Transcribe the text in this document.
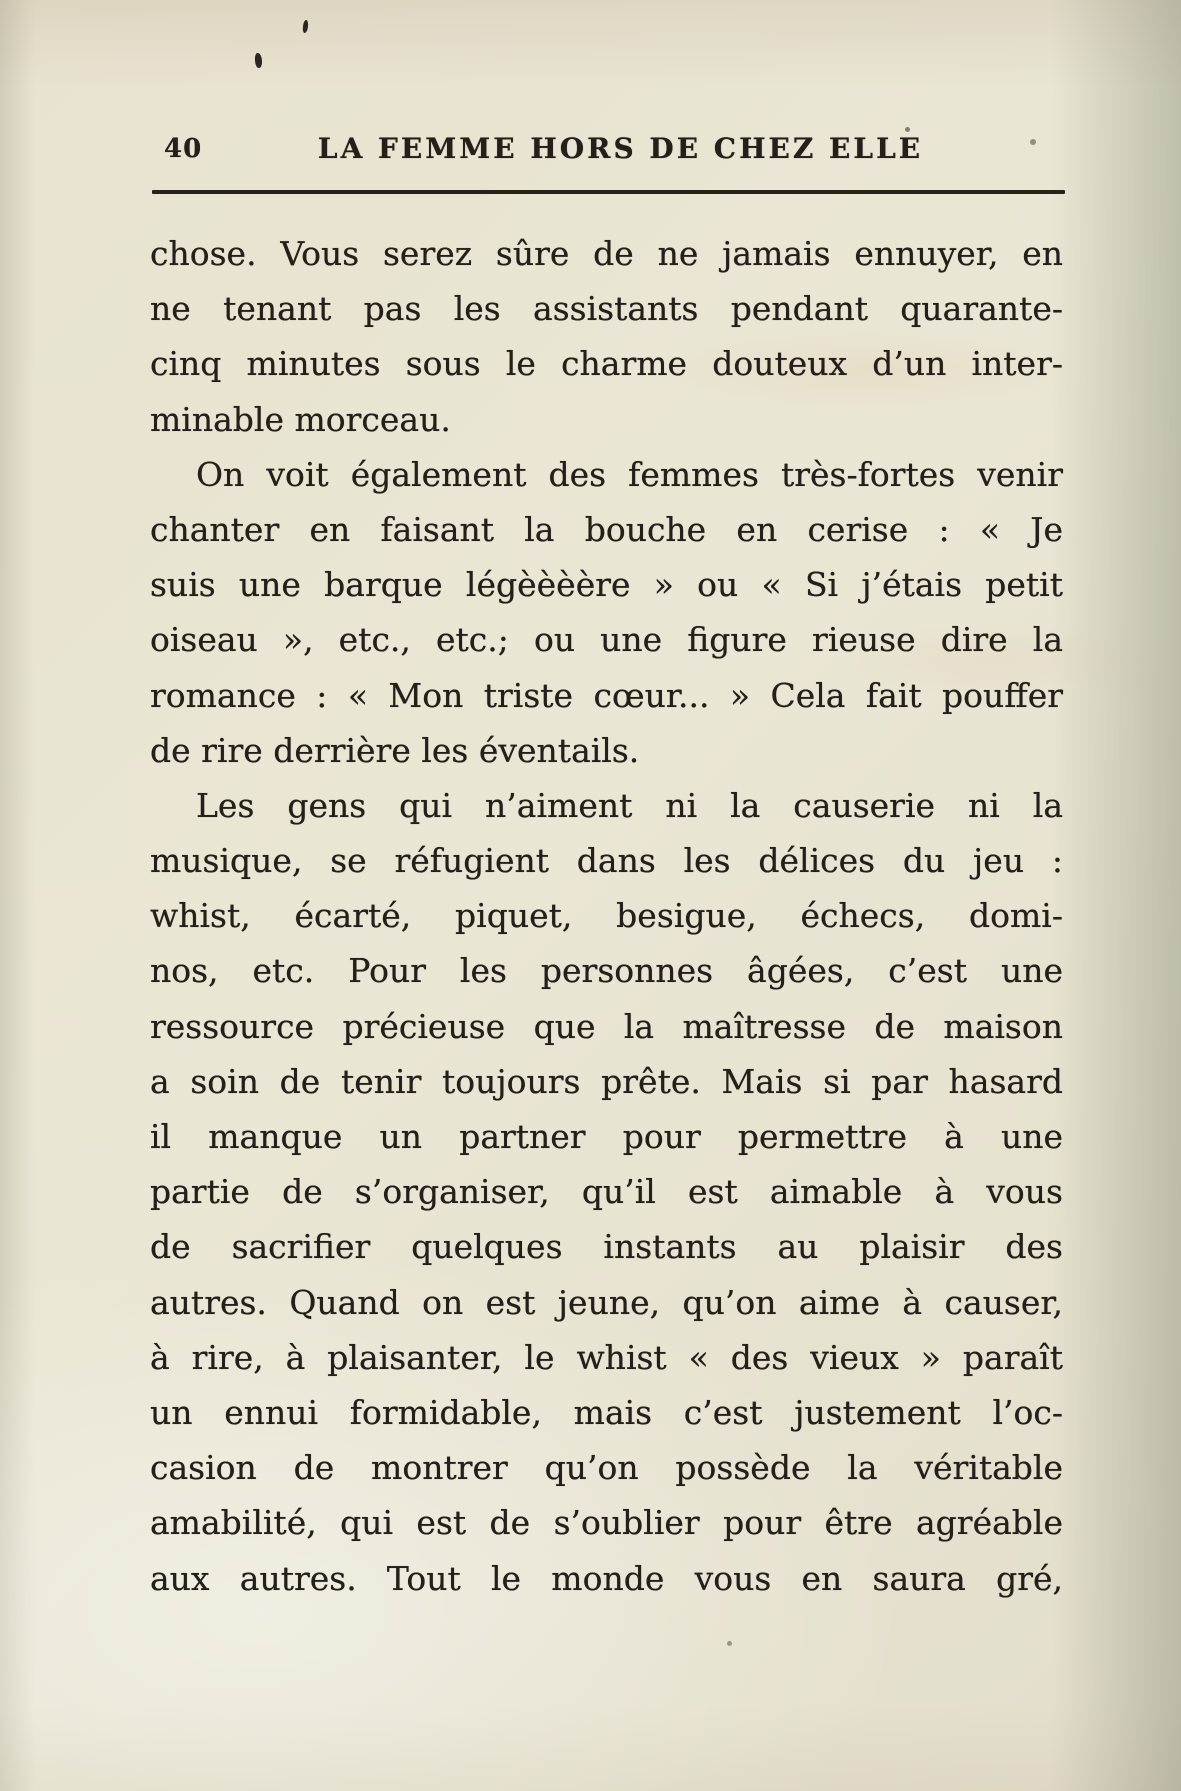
40	LA FEMME HORS DE CHEZ ELLE
chose. Vous serez sûre de ne jamais ennuyer, en
ne tenant pas les assistants pendant quarante-
cinq minutes sous le charme douteux d’un inter-
minable morceau.
On voit également des femmes très-fortes venir
chanter en faisant la bouche en cerise : « Je
suis une barque légèèèère » ou « Si j’étais petit
oiseau », etc., etc.; ou une figure rieuse dire la
romance : « Mon triste cœur... » Cela fait pouffer
de rire derrière les éventails.
Les gens qui n’aiment ni la causerie ni la
musique, se réfugient dans les délices du jeu :
whist, écarté, piquet, besigue, échecs, domi-
nos, etc. Pour les personnes âgées, c’est une
ressource précieuse que la maîtresse de maison
a soin de tenir toujours prête. Mais si par hasard
il manque un partner pour permettre à une
partie de s’organiser, qu’il est aimable à vous
de sacrifier quelques instants au plaisir des
autres. Quand on est jeune, qu’on aime à causer,
à rire, à plaisanter, le whist « des vieux » paraît
un ennui formidable, mais c’est justement l’oc-
casion de montrer qu’on possède la véritable
amabilité, qui est de s’oublier pour être agréable
aux autres. Tout le monde vous en saura gré,
